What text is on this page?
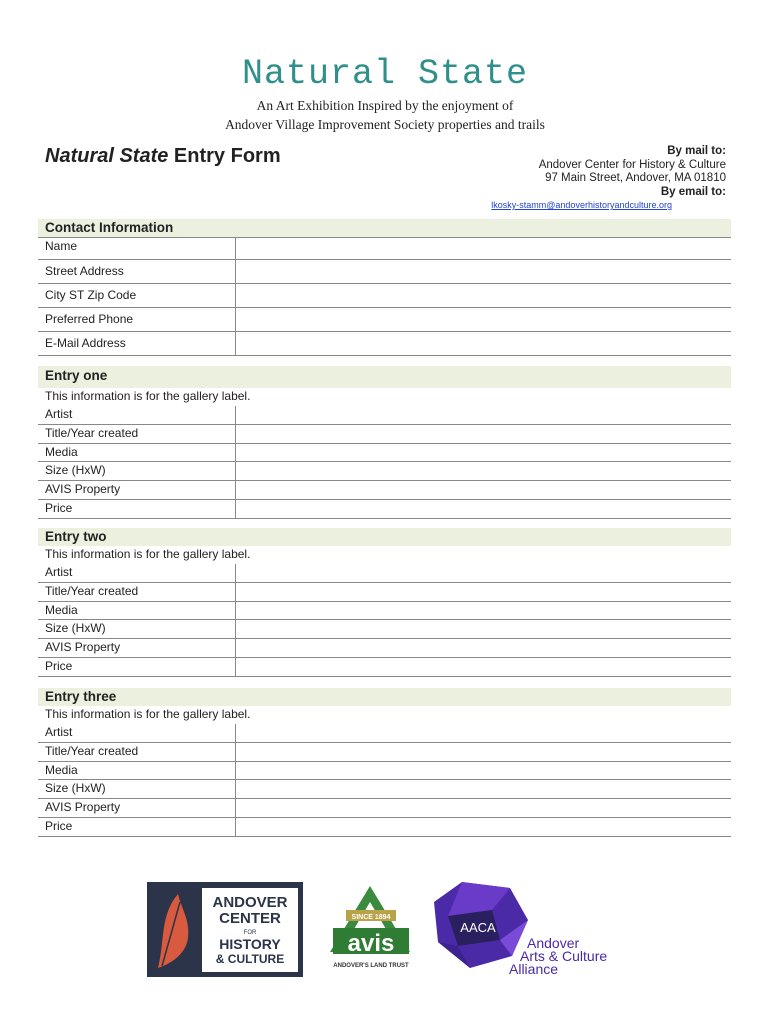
Natural State
An Art Exhibition Inspired by the enjoyment of
Andover Village Improvement Society properties and trails
Natural State Entry Form	By mail to:
Andover Center for History & Culture
97 Main Street, Andover, MA 01810
By email to:
lkosky-stamm@andoverhistoryandculture.org
Contact Information
Name
Street Address
City ST Zip Code
Preferred Phone
E-Mail Address
Entry one
This information is for the gallery label.
Artist
Title/Year created
Media
Size (HxW)
AVIS Property
Price
Entry two
This information is for the gallery label.
Artist
Title/Year created
Media
Size (HxW)
AVIS Property
Price
Entry three
This information is for the gallery label.
Artist
Title/Year created
Media
Size (HxW)
AVIS Property
Price
ANDOVER
CENTER
FOR
HISTORY
& CULTURE
SINCE 1894
avis
ANDOVER'S LAND TRUST
AACA
Andover
Arts & Culture
Alliance
